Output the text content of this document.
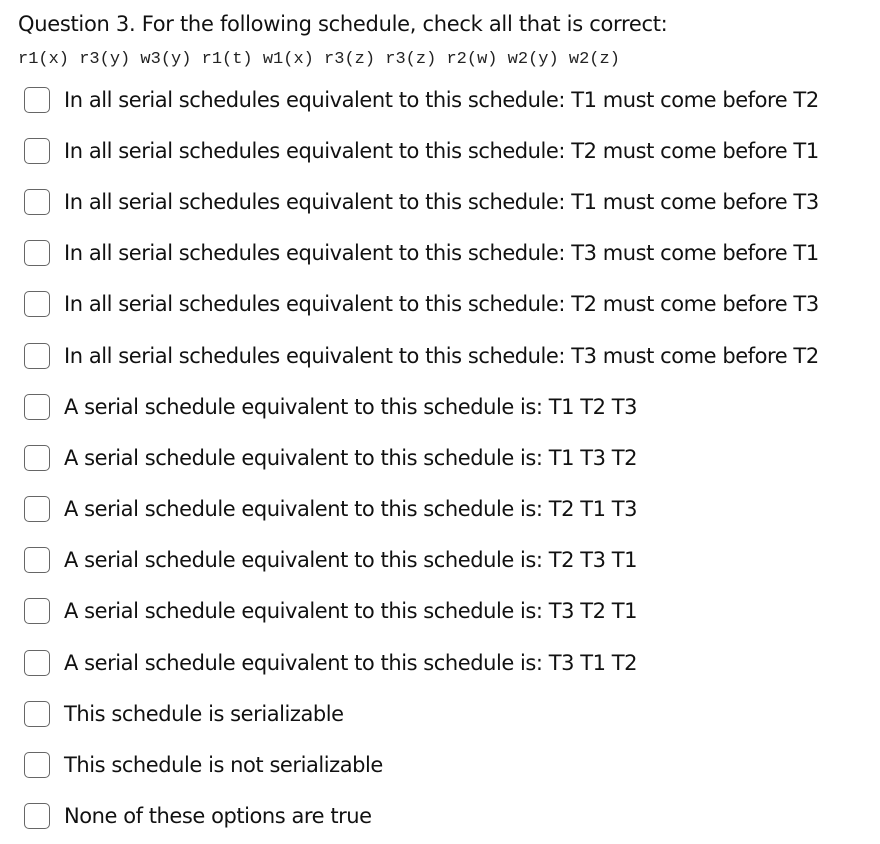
Question 3. For the following schedule, check all that is correct:
r1(x) r3(y) w3(y) r1(t) w1(x) r3(z) r3(z) r2(w) w2(y) w2(z)
In all serial schedules equivalent to this schedule: T1 must come before T2
In all serial schedules equivalent to this schedule: T2 must come before T1
In all serial schedules equivalent to this schedule: T1 must come before T3
In all serial schedules equivalent to this schedule: T3 must come before T1
In all serial schedules equivalent to this schedule: T2 must come before T3
In all serial schedules equivalent to this schedule: T3 must come before T2
A serial schedule equivalent to this schedule is: T1 T2 T3
A serial schedule equivalent to this schedule is: T1 T3 T2
A serial schedule equivalent to this schedule is: T2 T1 T3
A serial schedule equivalent to this schedule is: T2 T3 T1
A serial schedule equivalent to this schedule is: T3 T2 T1
A serial schedule equivalent to this schedule is: T3 T1 T2
This schedule is serializable
This schedule is not serializable
None of these options are true
